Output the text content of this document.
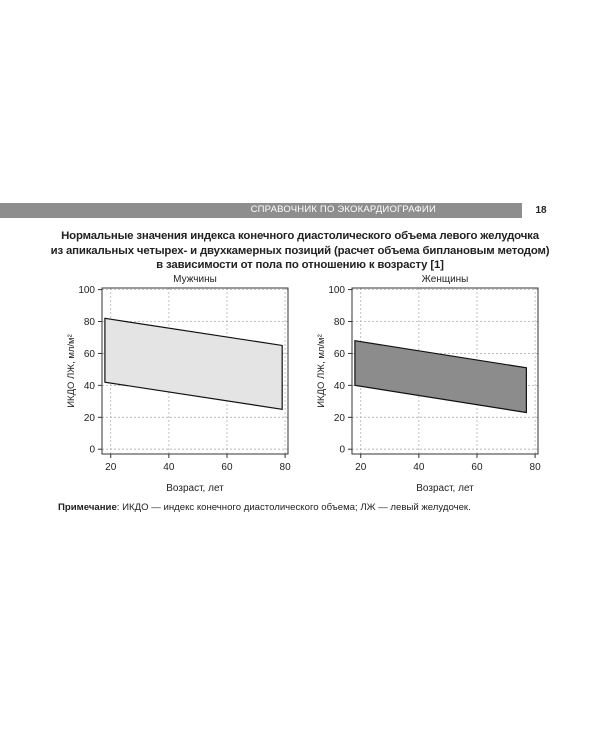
СПРАВОЧНИК ПО ЭКОКАРДИОГРАФИИ	18
Нормальные значения индекса конечного диастолического объема левого желудочка
из апикальных четырех- и двухкамерных позиций (расчет объема биплановым методом)
в зависимости от пола по отношению к возрасту [1]
Мужчины
0
20
40
60
80
100
20	40	60	80
Возраст, лет
ИКДО ЛЖ, мл/м²
Женщины
0
20
40
60
80
100
20	40	60	80
Возраст, лет
ИКДО ЛЖ, мл/м²
Примечание: ИКДО — индекс конечного диастолического объема; ЛЖ — левый желудочек.
